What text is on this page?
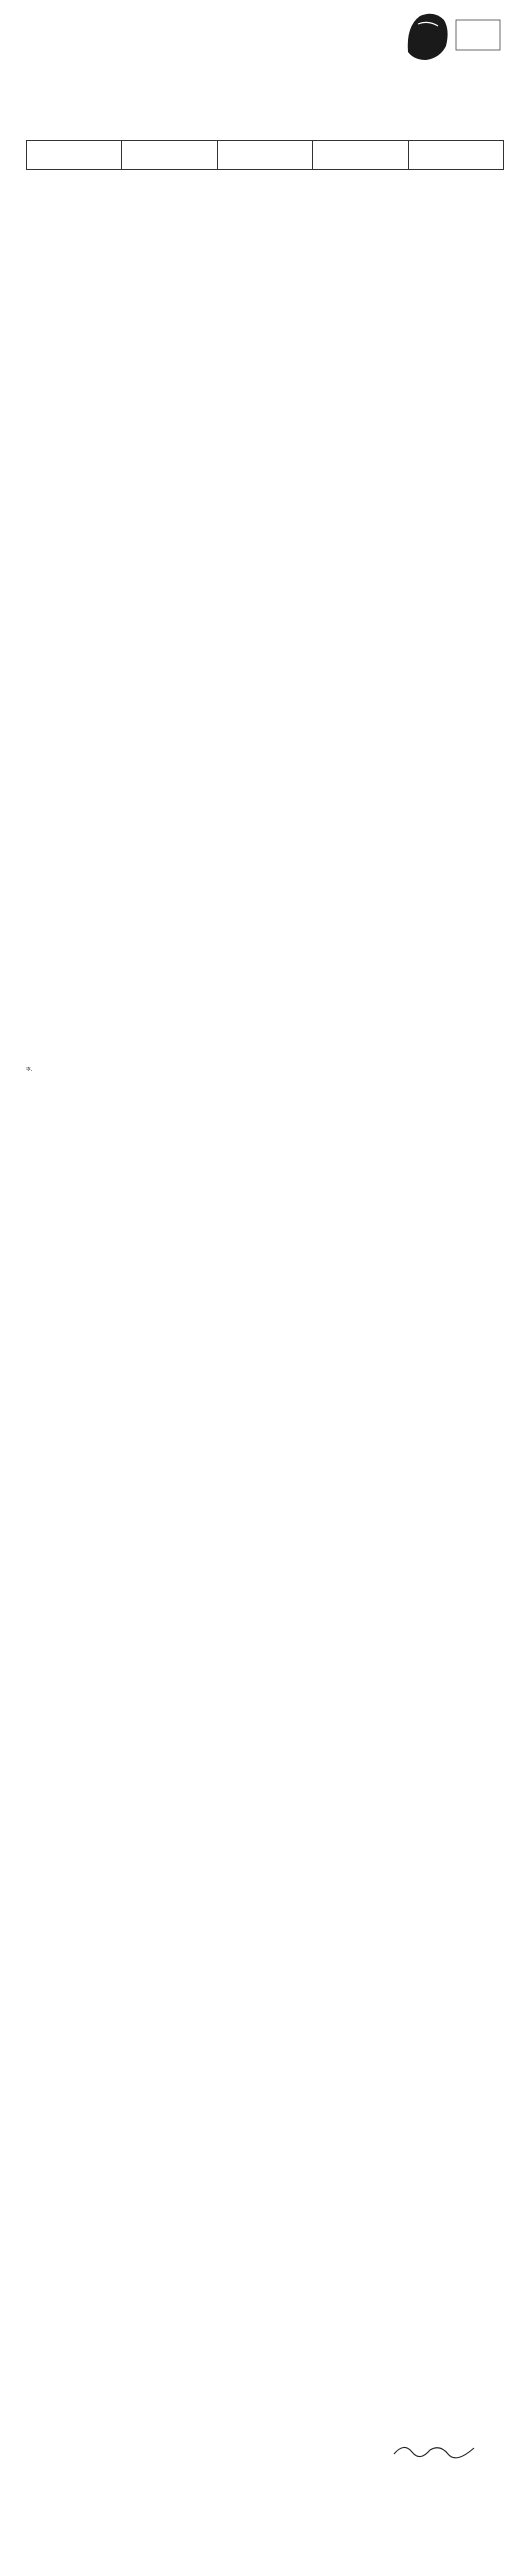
ক.
